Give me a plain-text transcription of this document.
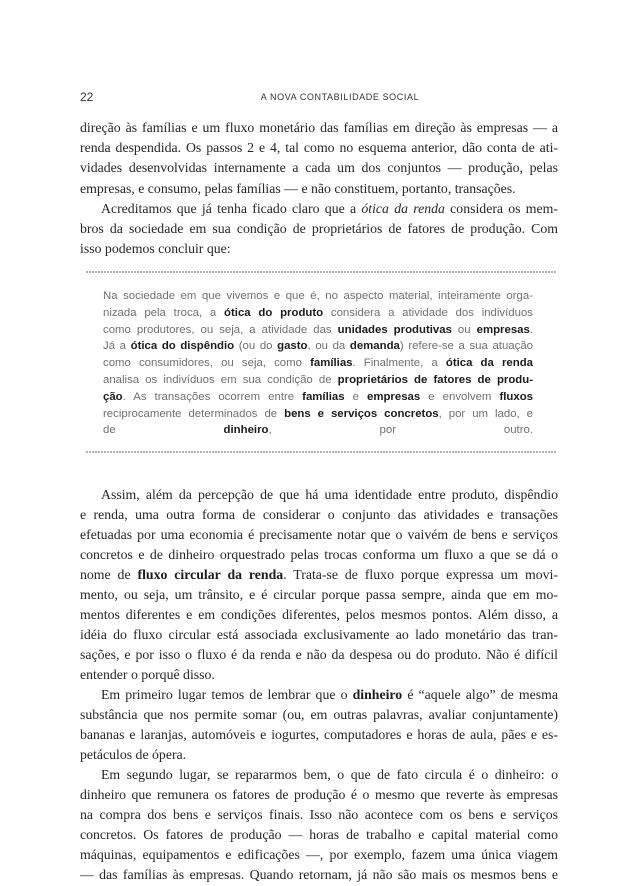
22	A NOVA CONTABILIDADE SOCIAL
direção às famílias e um fluxo monetário das famílias em direção às empresas — a
renda despendida. Os passos 2 e 4, tal como no esquema anterior, dão conta de ati-
vidades desenvolvidas internamente a cada um dos conjuntos — produção, pelas
empresas, e consumo, pelas famílias — e não constituem, portanto, transações.
Acreditamos que já tenha ficado claro que a ótica da renda considera os mem-
bros da sociedade em sua condição de proprietários de fatores de produção. Com
isso podemos concluir que:
Na sociedade em que vivemos e que é, no aspecto material, inteiramente orga-
nizada pela troca, a ótica do produto considera a atividade dos indivíduos
como produtores, ou seja, a atividade das unidades produtivas ou empresas.
Já a ótica do dispêndio (ou do gasto, ou da demanda) refere-se a sua atuação
como consumidores, ou seja, como famílias. Finalmente, a ótica da renda
analisa os indivíduos em sua condição de proprietários de fatores de produ-
ção. As transações ocorrem entre famílias e empresas e envolvem fluxos
reciprocamente determinados de bens e serviços concretos, por um lado, e
de dinheiro, por outro.
Assim, além da percepção de que há uma identidade entre produto, dispêndio
e renda, uma outra forma de considerar o conjunto das atividades e transações
efetuadas por uma economia é precisamente notar que o vaivém de bens e serviços
concretos e de dinheiro orquestrado pelas trocas conforma um fluxo a que se dá o
nome de fluxo circular da renda. Trata-se de fluxo porque expressa um movi-
mento, ou seja, um trânsito, e é circular porque passa sempre, ainda que em mo-
mentos diferentes e em condições diferentes, pelos mesmos pontos. Além disso, a
idéia do fluxo circular está associada exclusivamente ao lado monetário das tran-
sações, e por isso o fluxo é da renda e não da despesa ou do produto. Não é difícil
entender o porquê disso.
Em primeiro lugar temos de lembrar que o dinheiro é “aquele algo” de mesma
substância que nos permite somar (ou, em outras palavras, avaliar conjuntamente)
bananas e laranjas, automóveis e iogurtes, computadores e horas de aula, pães e es-
petáculos de ópera.
Em segundo lugar, se repararmos bem, o que de fato circula é o dinheiro: o
dinheiro que remunera os fatores de produção é o mesmo que reverte às empresas
na compra dos bens e serviços finais. Isso não acontece com os bens e serviços
concretos. Os fatores de produção — horas de trabalho e capital material como
máquinas, equipamentos e edificações —, por exemplo, fazem uma única viagem
— das famílias às empresas. Quando retornam, já não são mais os mesmos bens e
